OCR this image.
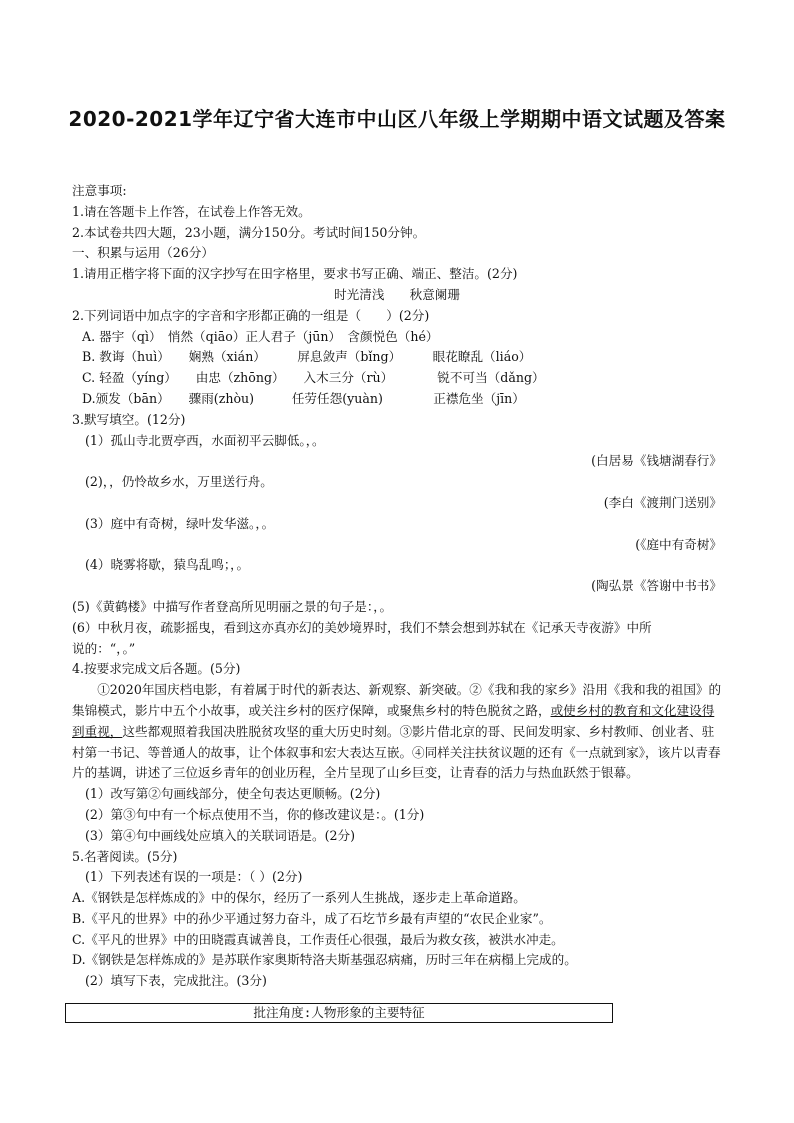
2020-2021学年辽宁省大连市中山区八年级上学期期中语文试题及答案
注意事项:
1.请在答题卡上作答，在试卷上作答无效。
2.本试卷共四大题，23小题，满分150分。考试时间150分钟。
一、积累与运用（26分）
1.请用正楷字将下面的汉字抄写在田字格里，要求书写正确、端正、整洁。(2分)
时光清浅　　秋意阑珊
2.下列词语中加点字的字音和字形都正确的一组是（　　）(2分)
A. 器宇（qì）　悄然（qiāo）正人君子（jūn）　含颜悦色（hé）
B. 教诲（huì）　　娴熟（xián）　　　屏息敛声（bǐng）　　　眼花瞭乱（liáo）
C. 轻盈（yíng）　　由忠（zhōng）　　入木三分（rù）　　　　锐不可当（dǎng）
D.颁发（bān）　　骤雨(zhòu)　　　任劳任怨(yuàn)　　　　正襟危坐（jīn）
3.默写填空。(12分)
(1）孤山寺北贾亭西，水面初平云脚低。，。
(白居易《钱塘湖春行》
(2)，，仍怜故乡水，万里送行舟。
(李白《渡荆门送别》
(3）庭中有奇树，绿叶发华滋。，。
(《庭中有奇树》
(4）晓雾将歇，猿鸟乱鸣；，。
(陶弘景《答谢中书书》
(5)《黄鹤楼》中描写作者登高所见明丽之景的句子是：，。
(6）中秋月夜，疏影摇曳，看到这亦真亦幻的美妙境界时，我们不禁会想到苏轼在《记承天寺夜游》中所
说的：“，。”
4.按要求完成文后各题。(5分)
①2020年国庆档电影，有着属于时代的新表达、新观察、新突破。②《我和我的家乡》沿用《我和我的祖国》的集锦模式，影片中五个小故事，或关注乡村的医疗保障，或聚焦乡村的特色脱贫之路，或使乡村的教育和文化建设得到重视，这些都观照着我国决胜脱贫攻坚的重大历史时刻。③影片借北京的哥、民间发明家、乡村教师、创业者、驻村第一书记、等普通人的故事，让个体叙事和宏大表达互嵌。④同样关注扶贫议题的还有《一点就到家》，该片以青春片的基调，讲述了三位返乡青年的创业历程，全片呈现了山乡巨变，让青春的活力与热血跃然于银幕。
(1）改写第②句画线部分，使全句表达更顺畅。(2分)
(2）第③句中有一个标点使用不当，你的修改建议是：。(1分)
(3）第④句中画线处应填入的关联词语是。(2分)
5.名著阅读。(5分)
(1）下列表述有误的一项是：（ ）(2分)
A.《钢铁是怎样炼成的》中的保尔，经历了一系列人生挑战，逐步走上革命道路。
B.《平凡的世界》中的孙少平通过努力奋斗，成了石圪节乡最有声望的“农民企业家”。
C.《平凡的世界》中的田晓霞真诚善良，工作责任心很强，最后为救女孩，被洪水冲走。
D.《钢铁是怎样炼成的》是苏联作家奥斯特洛夫斯基强忍病痛，历时三年在病榻上完成的。
(2）填写下表，完成批注。(3分)
批注角度:人物形象的主要特征
